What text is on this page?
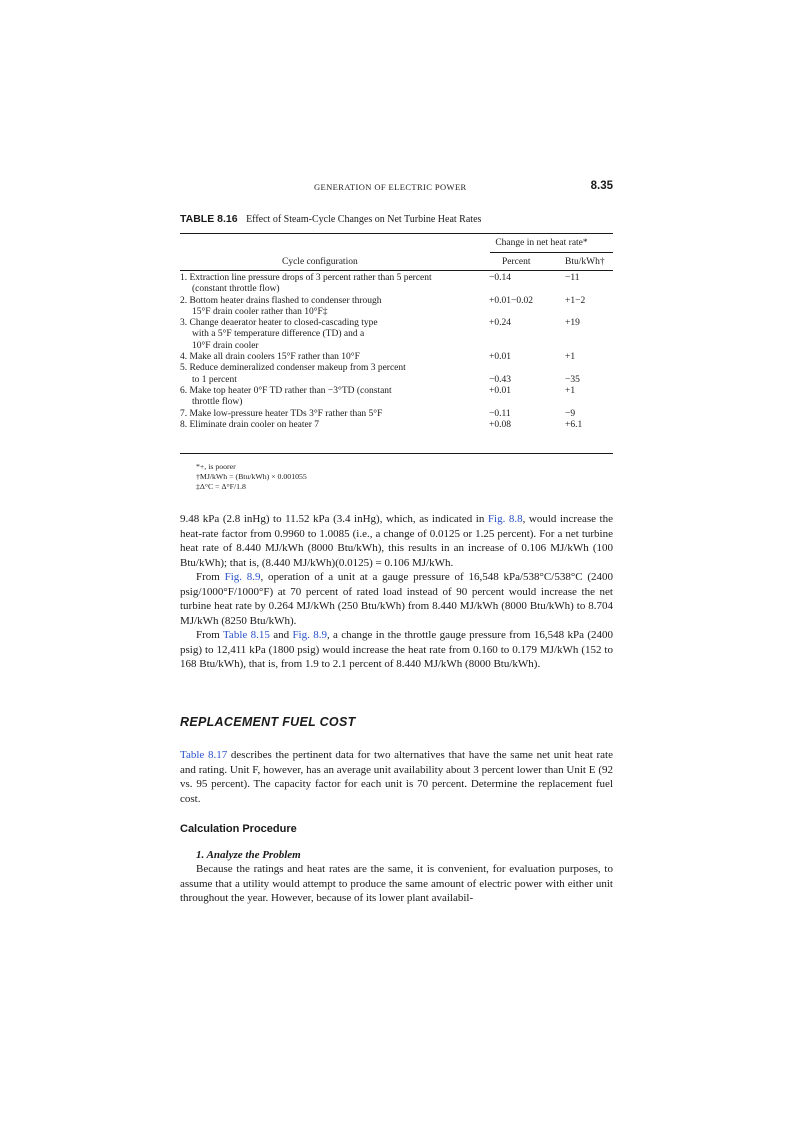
GENERATION OF ELECTRIC POWER	8.35
TABLE 8.16 Effect of Steam-Cycle Changes on Net Turbine Heat Rates
Change in net heat rate*
Cycle configuration	Percent	Btu/kWh†
1. Extraction line pressure drops of 3 percent rather than 5 percent
(constant throttle flow)
−0.14	−11
2. Bottom heater drains flashed to condenser through
15°F drain cooler rather than 10°F‡
+0.01−0.02	+1−2
3. Change deaerator heater to closed-cascading type
with a 5°F temperature difference (TD) and a
10°F drain cooler
+0.24	+19
4. Make all drain coolers 15°F rather than 10°F	+0.01	+1
5. Reduce demineralized condenser makeup from 3 percent
to 1 percent	−0.43	−35
6. Make top heater 0°F TD rather than −3°TD (constant
throttle flow)
+0.01	+1
7. Make low-pressure heater TDs 3°F rather than 5°F	−0.11	−9
8. Eliminate drain cooler on heater 7	+0.08	+6.1
*+, is poorer
†MJ/kWh = (Btu/kWh) × 0.001055
‡Δ°C = Δ°F/1.8

9.48 kPa (2.8 inHg) to 11.52 kPa (3.4 inHg), which, as indicated in Fig. 8.8, would increase the heat-rate factor from 0.9960 to 1.0085 (i.e., a change of 0.0125 or 1.25 percent). For a net turbine heat rate of 8.440 MJ/kWh (8000 Btu/kWh), this results in an increase of 0.106 MJ/kWh (100 Btu/kWh); that is, (8.440 MJ/kWh)(0.0125) = 0.106 MJ/kWh.

From Fig. 8.9, operation of a unit at a gauge pressure of 16,548 kPa/538°C/538°C (2400 psig/1000°F/1000°F) at 70 percent of rated load instead of 90 percent would increase the net turbine heat rate by 0.264 MJ/kWh (250 Btu/kWh) from 8.440 MJ/kWh (8000 Btu/kWh) to 8.704 MJ/kWh (8250 Btu/kWh).

From Table 8.15 and Fig. 8.9, a change in the throttle gauge pressure from 16,548 kPa (2400 psig) to 12,411 kPa (1800 psig) would increase the heat rate from 0.160 to 0.179 MJ/kWh (152 to 168 Btu/kWh), that is, from 1.9 to 2.1 percent of 8.440 MJ/kWh (8000 Btu/kWh).

REPLACEMENT FUEL COST

Table 8.17 describes the pertinent data for two alternatives that have the same net unit heat rate and rating. Unit F, however, has an average unit availability about 3 percent lower than Unit E (92 vs. 95 percent). The capacity factor for each unit is 70 percent. Determine the replacement fuel cost.

Calculation Procedure
1. Analyze the Problem

Because the ratings and heat rates are the same, it is convenient, for evaluation purposes, to assume that a utility would attempt to produce the same amount of electric power with either unit throughout the year. However, because of its lower plant availabil-
